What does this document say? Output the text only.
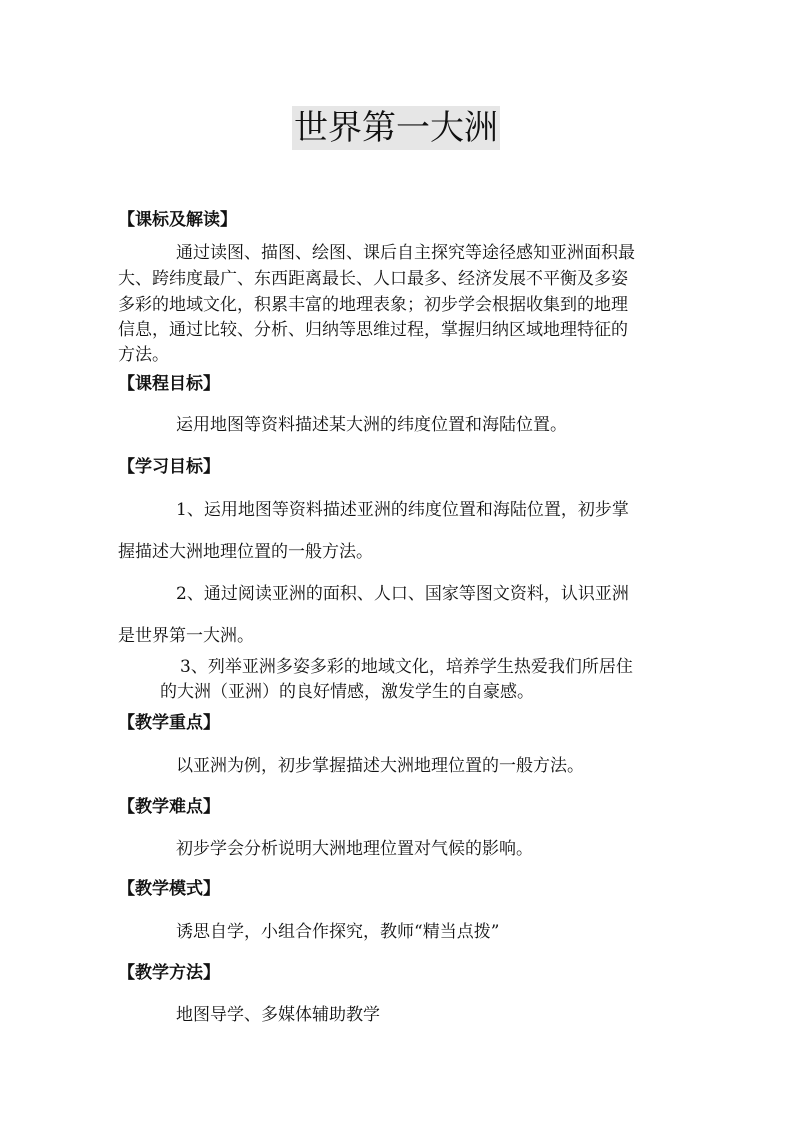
世界第一大洲
【课标及解读】
通过读图、描图、绘图、课后自主探究等途径感知亚洲面积最
大、跨纬度最广、东西距离最长、人口最多、经济发展不平衡及多姿
多彩的地域文化，积累丰富的地理表象；初步学会根据收集到的地理
信息，通过比较、分析、归纳等思维过程，掌握归纳区域地理特征的
方法。
【课程目标】
运用地图等资料描述某大洲的纬度位置和海陆位置。
【学习目标】
1、运用地图等资料描述亚洲的纬度位置和海陆位置，初步掌
握描述大洲地理位置的一般方法。
2、通过阅读亚洲的面积、人口、国家等图文资料，认识亚洲
是世界第一大洲。
3、列举亚洲多姿多彩的地域文化，培养学生热爱我们所居住
的大洲（亚洲）的良好情感，激发学生的自豪感。
【教学重点】
以亚洲为例，初步掌握描述大洲地理位置的一般方法。
【教学难点】
初步学会分析说明大洲地理位置对气候的影响。
【教学模式】
诱思自学，小组合作探究，教师“精当点拨”
【教学方法】
地图导学、多媒体辅助教学
